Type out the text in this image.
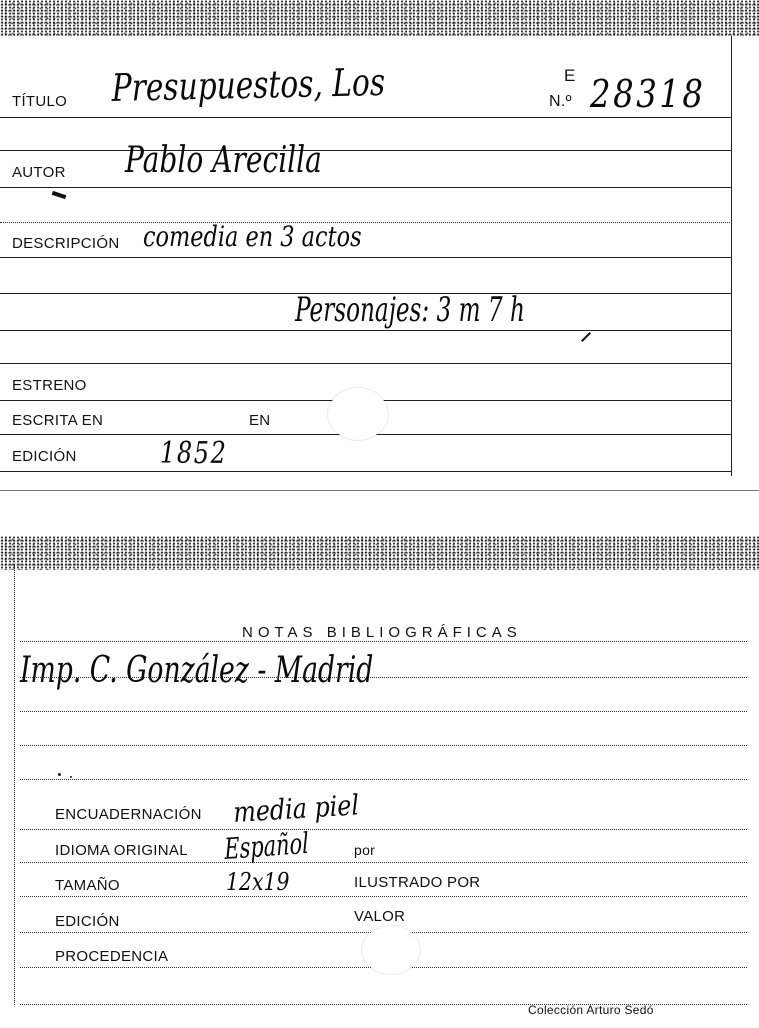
TÍTULO Presupuestos, Los	E
N.º 28318
AUTOR Pablo Arecilla
DESCRIPCIÓN comedia en 3 actos
Personajes: 3 m 7 h
ESTRENO
ESCRITA EN	EN
EDICIÓN	1852
NOTAS BIBLIOGRÁFICAS
Imp. C. González - Madrid
ENCUADERNACIÓN media piel
IDIOMA ORIGINAL Español	por
TAMAÑO	12x19	ILUSTRADO POR
EDICIÓN	VALOR
PROCEDENCIA
Colección Arturo Sedó
